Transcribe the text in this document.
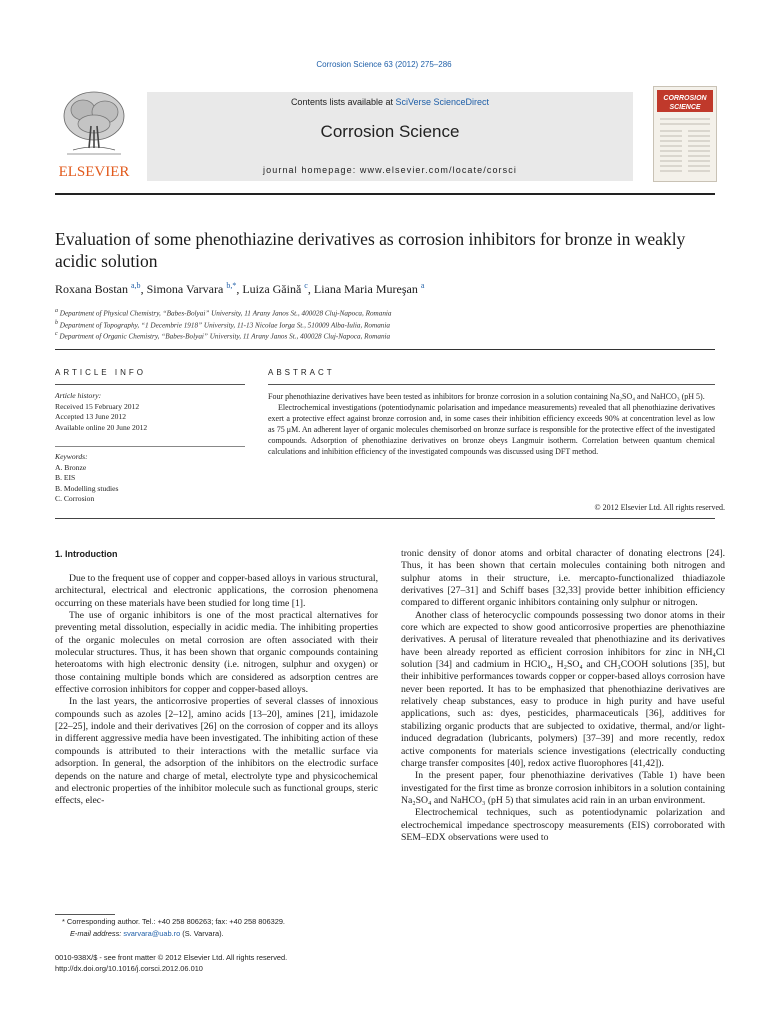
Corrosion Science 63 (2012) 275–286
ELSEVIER
Contents lists available at SciVerse ScienceDirect
Corrosion Science
journal homepage: www.elsevier.com/locate/corsci
CORROSION
SCIENCE
Evaluation of some phenothiazine derivatives as corrosion inhibitors for bronze in weakly acidic solution
Roxana Bostan $^{a,b}$, Simona Varvara $^{b,*}$, Luiza Găină $^c$, Liana Maria Mureşan $^a$
$^a$ Department of Physical Chemistry, “Babes-Bolyai” University, 11 Arany Janos St., 400028 Cluj-Napoca, Romania
$^b$ Department of Topography, “1 Decembrie 1918” University, 11-13 Nicolae Iorga St., 510009 Alba-Iulia, Romania
$^c$ Department of Organic Chemistry, “Babes-Bolyai” University, 11 Arany Janos St., 400028 Cluj-Napoca, Romania
ARTICLE INFO	ABSTRACT
Article history:
Received 15 February 2012
Accepted 13 June 2012
Available online 20 June 2012
Keywords:
A. Bronze
B. EIS
B. Modelling studies
C. Corrosion

Four phenothiazine derivatives have been tested as inhibitors for bronze corrosion in a solution containing Na₂SO₄ and NaHCO₃ (pH 5).

Electrochemical investigations (potentiodynamic polarisation and impedance measurements) revealed that all phenothiazine derivatives exert a protective effect against bronze corrosion and, in some cases their inhibition efficiency exceeds 90% at concentration level as low as 75 μM. An adherent layer of organic molecules chemisorbed on bronze surface is responsible for the protective effect of the investigated compounds. Adsorption of phenothiazine derivatives on bronze obeys Langmuir isotherm. Correlation between quantum chemical calculations and inhibition efficiency of the investigated compounds was discussed using DFT method.

© 2012 Elsevier Ltd. All rights reserved.
1. Introduction

Due to the frequent use of copper and copper-based alloys in various structural, architectural, electrical and electronic applications, the corrosion phenomena occurring on these materials have been studied for long time [1].

The use of organic inhibitors is one of the most practical alternatives for preventing metal dissolution, especially in acidic media. The inhibiting properties of the organic molecules on metal corrosion are often associated with their molecular structures. Thus, it has been shown that organic compounds containing heteroatoms with high electronic density (i.e. nitrogen, sulphur and oxygen) or those containing multiple bonds which are considered as adsorption centres are effective corrosion inhibitors for copper and copper-based alloys.

In the last years, the anticorrosive properties of several classes of innoxious compounds such as azoles [2–12], amino acids [13–20], amines [21], imidazole [22–25], indole and their derivatives [26] on the corrosion of copper and its alloys in different aggressive media have been investigated. The inhibiting action of these compounds is attributed to their interactions with the metallic surface via adsorption. In general, the adsorption of the inhibitors on the electrodic surface depends on the nature and charge of metal, electrolyte type and physicochemical and electronic properties of the inhibitor molecule such as functional groups, steric effects, elec-

tronic density of donor atoms and orbital character of donating electrons [24]. Thus, it has been shown that certain molecules containing both nitrogen and sulphur atoms in their structure, i.e. mercapto-functionalized thiadiazole derivatives [27–31] and Schiff bases [32,33] provide better inhibition efficiency compared to different organic inhibitors containing only sulphur or nitrogen.

Another class of heterocyclic compounds possessing two donor atoms in their core which are expected to show good anticorrosive properties are phenothiazine derivatives. A perusal of literature revealed that phenothiazine and its derivatives have been already reported as efficient corrosion inhibitors for zinc in NH₄Cl solution [34] and cadmium in HClO₄, H₂SO₄ and CH₃COOH solutions [35], but their inhibitive performances towards copper or copper-based alloys corrosion have never been reported. It has to be emphasized that phenothiazine derivatives are relatively cheap substances, easy to produce in high purity and have useful applications, such as: dyes, pesticides, pharmaceuticals [36], additives for stabilizing organic products that are subjected to oxidative, thermal, and/or light-induced degradation (lubricants, polymers) [37–39] and more recently, redox active components for materials science investigations (electrically conducting charge transfer composites [40], redox active fluorophores [41,42]).

In the present paper, four phenothiazine derivatives (Table 1) have been investigated for the first time as bronze corrosion inhibitors in a solution containing Na₂SO₄ and NaHCO₃ (pH 5) that simulates acid rain in an urban environment.

Electrochemical techniques, such as potentiodynamic polarization and electrochemical impedance spectroscopy measurements (EIS) corroborated with SEM–EDX observations were used to

* Corresponding author. Tel.: +40 258 806263; fax: +40 258 806329.
E-mail address: svarvara@uab.ro (S. Varvara).
0010-938X/$ - see front matter © 2012 Elsevier Ltd. All rights reserved.
http://dx.doi.org/10.1016/j.corsci.2012.06.010
